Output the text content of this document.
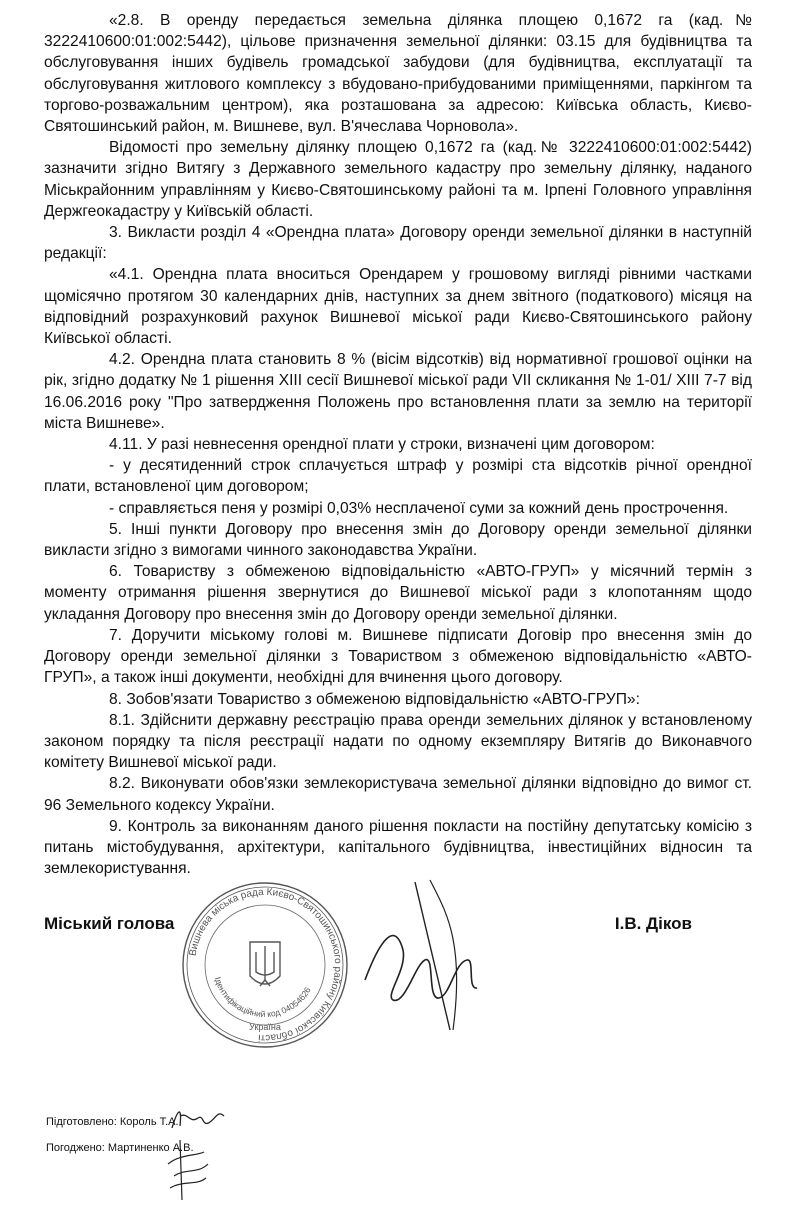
«2.8. В оренду передається земельна ділянка площею 0,1672 га (кад.№ 3222410600:01:002:5442), цільове призначення земельної ділянки: 03.15 для будівництва та обслуговування інших будівель громадської забудови (для будівництва, експлуатації та обслуговування житлового комплексу з вбудовано-прибудованими приміщеннями, паркінгом та торгово-розважальним центром), яка розташована за адресою: Київська область, Києво-Святошинський район, м. Вишневе, вул. В'ячеслава Чорновола».

Відомості про земельну ділянку площею 0,1672 га (кад.№ 3222410600:01:002:5442) зазначити згідно Витягу з Державного земельного кадастру про земельну ділянку, наданого Міськрайонним управлінням у Києво-Святошинському районі та м. Ірпені Головного управління Держгеокадастру у Київській області.

3. Викласти розділ 4 «Орендна плата» Договору оренди земельної ділянки в наступній редакції:

«4.1. Орендна плата вноситься Орендарем у грошовому вигляді рівними частками щомісячно протягом 30 календарних днів, наступних за днем звітного (податкового) місяця на відповідний розрахунковий рахунок Вишневої міської ради Києво-Святошинського району Київської області.

4.2. Орендна плата становить 8 % (вісім відсотків) від нормативної грошової оцінки на рік, згідно додатку № 1 рішення ХІІІ сесії Вишневої міської ради VII скликання № 1-01/ ХІІІ 7-7 від 16.06.2016 року "Про затвердження Положень про встановлення плати за землю на території міста Вишневе».

4.11. У разі невнесення орендної плати у строки, визначені цим договором:

- у десятиденний строк сплачується штраф у розмірі ста відсотків річної орендної плати, встановленої цим договором;

- справляється пеня у розмірі 0,03% несплаченої суми за кожний день прострочення.

5. Інші пункти Договору про внесення змін до Договору оренди земельної ділянки викласти згідно з вимогами чинного законодавства України.

6. Товариству з обмеженою відповідальністю «АВТО-ГРУП» у місячний термін з моменту отримання рішення звернутися до Вишневої міської ради з клопотанням щодо укладання Договору про внесення змін до Договору оренди земельної ділянки.

7. Доручити міському голові м. Вишневе підписати Договір про внесення змін до Договору оренди земельної ділянки з Товариством з обмеженою відповідальністю «АВТО-ГРУП», а також інші документи, необхідні для вчинення цього договору.

8. Зобов'язати Товариство з обмеженою відповідальністю «АВТО-ГРУП»:

8.1. Здійснити державну реєстрацію права оренди земельних ділянок у встановленому законом порядку та після реєстрації надати по одному екземпляру Витягів до Виконавчого комітету Вишневої міської ради.

8.2. Виконувати обов'язки землекористувача земельної ділянки відповідно до вимог ст. 96 Земельного кодексу України.

9. Контроль за виконанням даного рішення покласти на постійну депутатську комісію з питань містобудування, архітектури, капітального будівництва, інвестиційних відносин та землекористування.

Вишнева міська рада Києво-Святошинського району Київської області
Ідентифікаційний код 04054626
Україна
Міський голова	І.В. Діков
Підготовлено: Король Т.А.
Погоджено: Мартиненко А.В.
